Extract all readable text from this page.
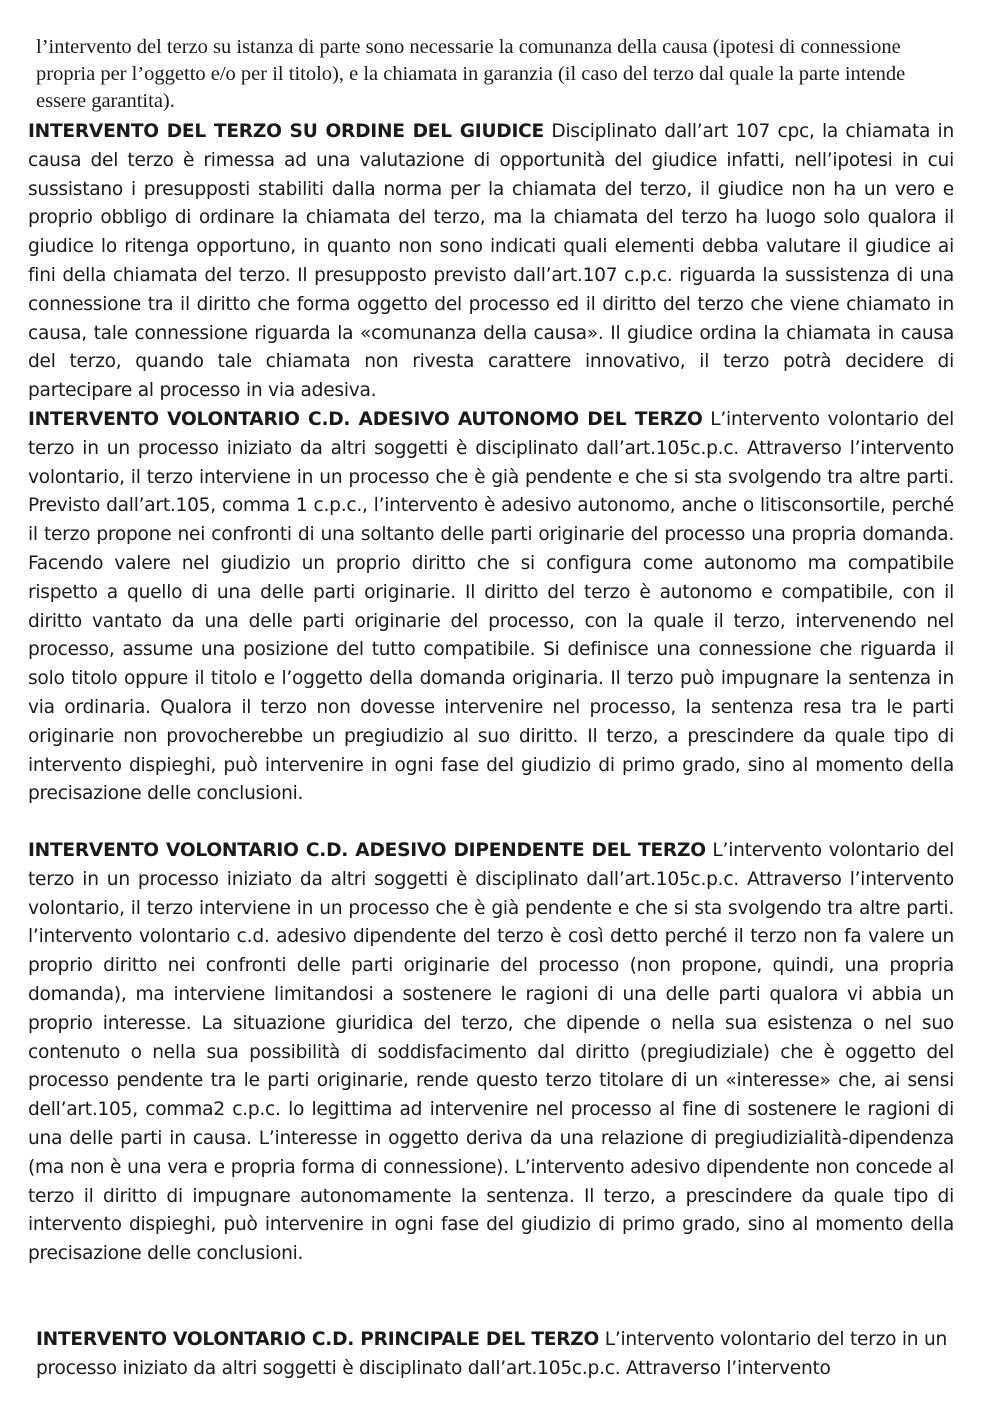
l’intervento del terzo su istanza di parte sono necessarie la comunanza della causa (ipotesi di connessione propria per l’oggetto e/o per il titolo), e la chiamata in garanzia (il caso del terzo dal quale la parte intende essere garantita).

INTERVENTO DEL TERZO SU ORDINE DEL GIUDICE Disciplinato dall’art 107 cpc, la chiamata in causa del terzo è rimessa ad una valutazione di opportunità del giudice infatti, nell’ipotesi in cui sussistano i presupposti stabiliti dalla norma per la chiamata del terzo, il giudice non ha un vero e proprio obbligo di ordinare la chiamata del terzo, ma la chiamata del terzo ha luogo solo qualora il giudice lo ritenga opportuno, in quanto non sono indicati quali elementi debba valutare il giudice ai fini della chiamata del terzo. Il presupposto previsto dall’art.107 c.p.c. riguarda la sussistenza di una connessione tra il diritto che forma oggetto del processo ed il diritto del terzo che viene chiamato in causa, tale connessione riguarda la «comunanza della causa». Il giudice ordina la chiamata in causa del terzo, quando tale chiamata non rivesta carattere innovativo, il terzo potrà decidere di partecipare al processo in via adesiva.

INTERVENTO VOLONTARIO C.D. ADESIVO AUTONOMO DEL TERZO L’intervento volontario del terzo in un processo iniziato da altri soggetti è disciplinato dall’art.105c.p.c. Attraverso l’intervento volontario, il terzo interviene in un processo che è già pendente e che si sta svolgendo tra altre parti. Previsto dall’art.105, comma 1 c.p.c., l’intervento è adesivo autonomo, anche o litisconsortile, perché il terzo propone nei confronti di una soltanto delle parti originarie del processo una propria domanda. Facendo valere nel giudizio un proprio diritto che si configura come autonomo ma compatibile rispetto a quello di una delle parti originarie. Il diritto del terzo è autonomo e compatibile, con il diritto vantato da una delle parti originarie del processo, con la quale il terzo, intervenendo nel processo, assume una posizione del tutto compatibile. Si definisce una connessione che riguarda il solo titolo oppure il titolo e l’oggetto della domanda originaria. Il terzo può impugnare la sentenza in via ordinaria. Qualora il terzo non dovesse intervenire nel processo, la sentenza resa tra le parti originarie non provocherebbe un pregiudizio al suo diritto. Il terzo, a prescindere da quale tipo di intervento dispieghi, può intervenire in ogni fase del giudizio di primo grado, sino al momento della precisazione delle conclusioni.

INTERVENTO VOLONTARIO C.D. ADESIVO DIPENDENTE DEL TERZO L’intervento volontario del terzo in un processo iniziato da altri soggetti è disciplinato dall’art.105c.p.c. Attraverso l’intervento volontario, il terzo interviene in un processo che è già pendente e che si sta svolgendo tra altre parti. l’intervento volontario c.d. adesivo dipendente del terzo è così detto perché il terzo non fa valere un proprio diritto nei confronti delle parti originarie del processo (non propone, quindi, una propria domanda), ma interviene limitandosi a sostenere le ragioni di una delle parti qualora vi abbia un proprio interesse. La situazione giuridica del terzo, che dipende o nella sua esistenza o nel suo contenuto o nella sua possibilità di soddisfacimento dal diritto (pregiudiziale) che è oggetto del processo pendente tra le parti originarie, rende questo terzo titolare di un «interesse» che, ai sensi dell’art.105, comma2 c.p.c. lo legittima ad intervenire nel processo al fine di sostenere le ragioni di una delle parti in causa. L’interesse in oggetto deriva da una relazione di pregiudizialità-dipendenza (ma non è una vera e propria forma di connessione). L’intervento adesivo dipendente non concede al terzo il diritto di impugnare autonomamente la sentenza. Il terzo, a prescindere da quale tipo di intervento dispieghi, può intervenire in ogni fase del giudizio di primo grado, sino al momento della precisazione delle conclusioni.

INTERVENTO VOLONTARIO C.D. PRINCIPALE DEL TERZO L’intervento volontario del terzo in un processo iniziato da altri soggetti è disciplinato dall’art.105c.p.c. Attraverso l’intervento
